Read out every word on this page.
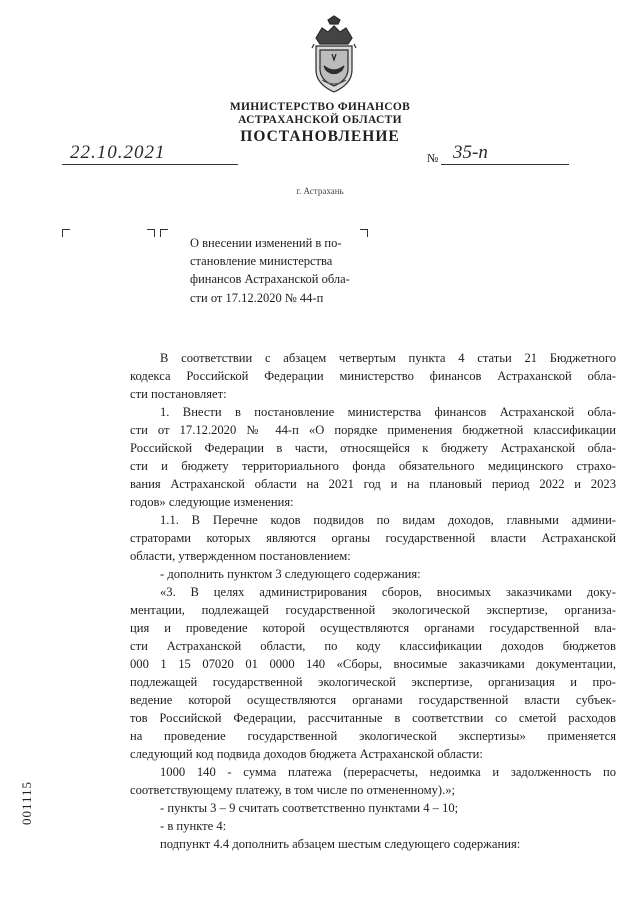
МИНИСТЕРСТВО ФИНАНСОВ
АСТРАХАНСКОЙ ОБЛАСТИ
ПОСТАНОВЛЕНИЕ
22.10.2021	№ 35-п
г. Астрахань
О внесении изменений в по-
становление министерства
финансов Астраханской обла-
сти от 17.12.2020 № 44-п
В соответствии с абзацем четвертым пункта 4 статьи 21 Бюджетного
кодекса Российской Федерации министерство финансов Астраханской обла-
сти постановляет:
1. Внести в постановление министерства финансов Астраханской обла-
сти от 17.12.2020 № 44-п «О порядке применения бюджетной классификации
Российской Федерации в части, относящейся к бюджету Астраханской обла-
сти и бюджету территориального фонда обязательного медицинского страхо-
вания Астраханской области на 2021 год и на плановый период 2022 и 2023
годов» следующие изменения:
1.1. В Перечне кодов подвидов по видам доходов, главными админи-
страторами которых являются органы государственной власти Астраханской
области, утвержденном постановлением:
- дополнить пунктом 3 следующего содержания:
«3. В целях администрирования сборов, вносимых заказчиками доку-
ментации, подлежащей государственной экологической экспертизе, организа-
ция и проведение которой осуществляются органами государственной вла-
сти Астраханской области, по коду классификации доходов бюджетов
000 1 15 07020 01 0000 140 «Сборы, вносимые заказчиками документации,
подлежащей государственной экологической экспертизе, организация и про-
ведение которой осуществляются органами государственной власти субъек-
тов Российской Федерации, рассчитанные в соответствии со сметой расходов
на проведение государственной экологической экспертизы» применяется
следующий код подвида доходов бюджета Астраханской области:
1000 140 - сумма платежа (перерасчеты, недоимка и задолженность по
соответствующему платежу, в том числе по отмененному).»;
- пункты 3 – 9 считать соответственно пунктами 4 – 10;
- в пункте 4:
подпункт 4.4 дополнить абзацем шестым следующего содержания:
001115
